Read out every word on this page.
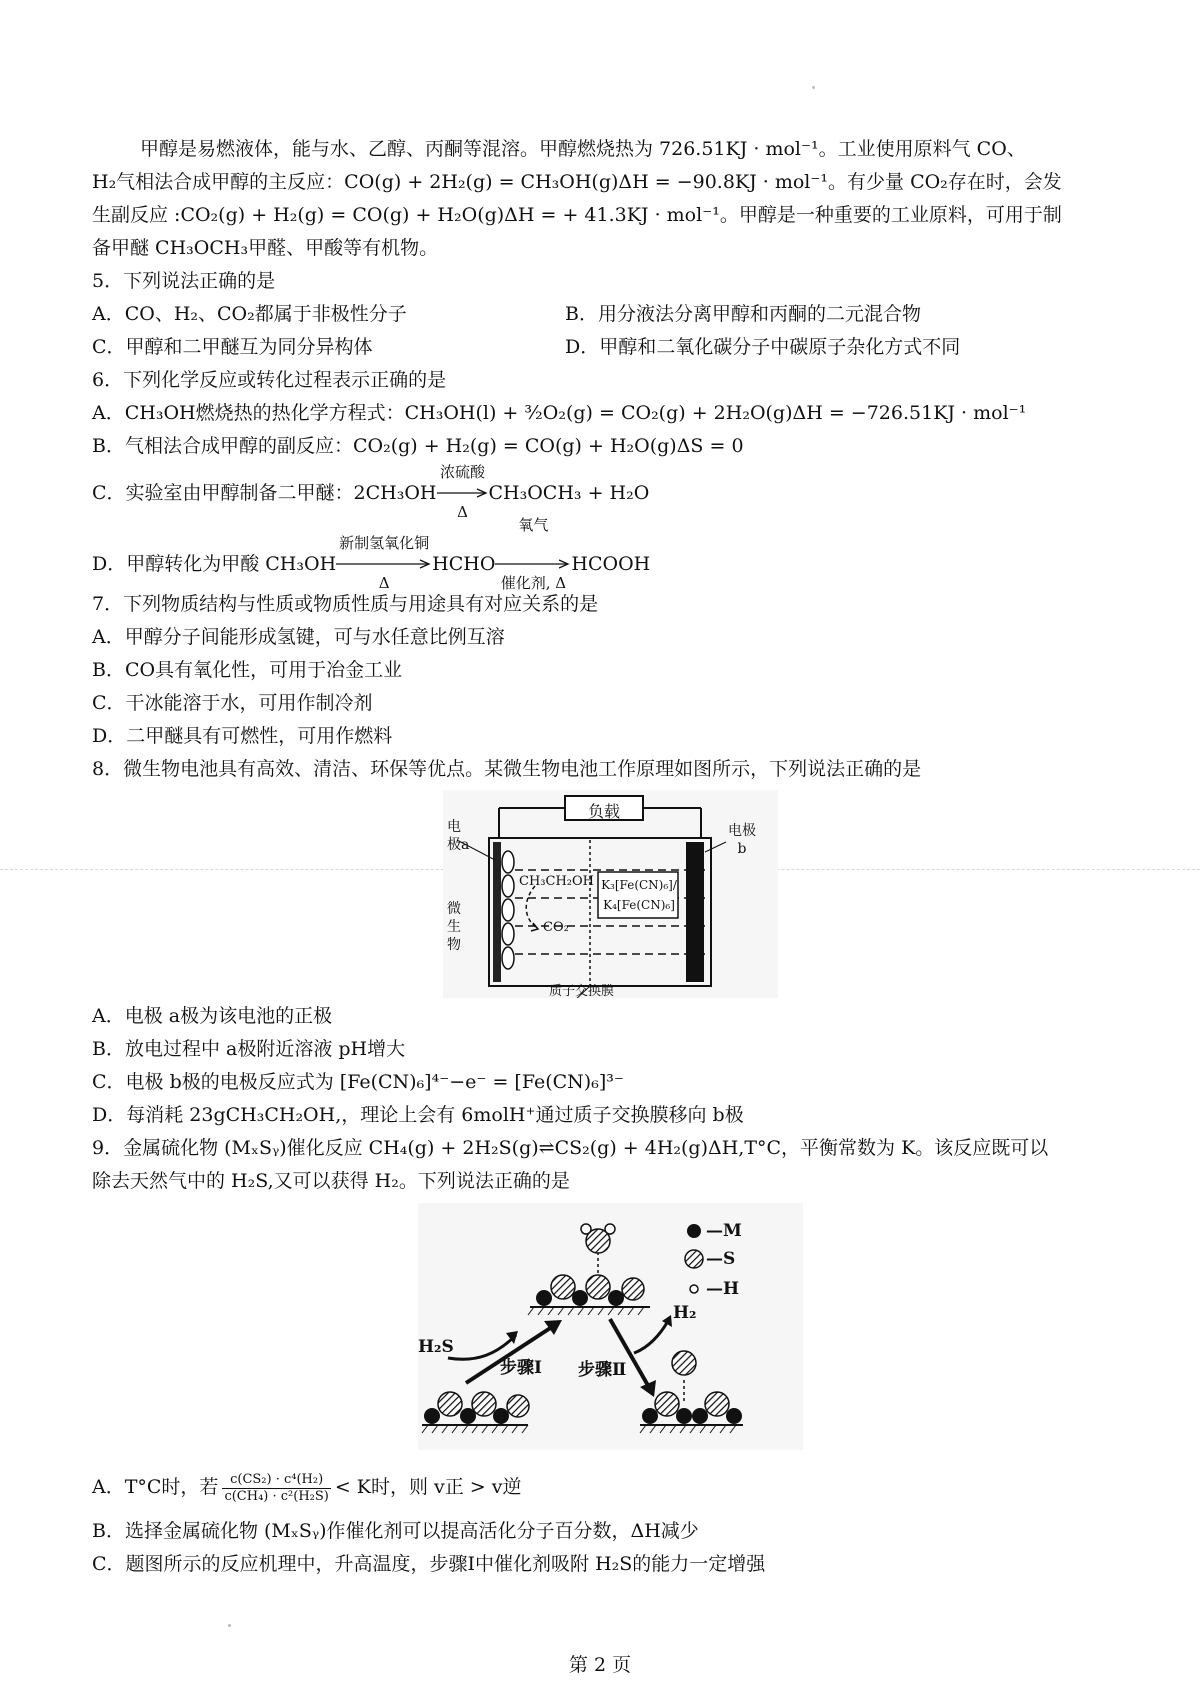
甲醇是易燃液体，能与水、乙醇、丙酮等混溶。甲醇燃烧热为 726.51KJ · mol⁻¹。工业使用原料气 CO、
H₂气相法合成甲醇的主反应：CO(g) + 2H₂(g) = CH₃OH(g)ΔH = −90.8KJ · mol⁻¹。有少量 CO₂存在时，会发
生副反应 :CO₂(g) + H₂(g) = CO(g) + H₂O(g)ΔH = + 41.3KJ · mol⁻¹。甲醇是一种重要的工业原料，可用于制
备甲醚 CH₃OCH₃甲醛、甲酸等有机物。
5．下列说法正确的是
A．CO、H₂、CO₂都属于非极性分子	B．用分液法分离甲醇和丙酮的二元混合物
C．甲醇和二甲醚互为同分异构体	D．甲醇和二氧化碳分子中碳原子杂化方式不同
6．下列化学反应或转化过程表示正确的是
A．CH₃OH燃烧热的热化学方程式：CH₃OH(l) + ³⁄₂O₂(g) = CO₂(g) + 2H₂O(g)ΔH = −726.51KJ · mol⁻¹
B．气相法合成甲醇的副反应：CO₂(g) + H₂(g) = CO(g) + H₂O(g)ΔS = 0
C．实验室由甲醇制备二甲醚：2CH₃OH
浓硫酸
Δ
CH₃OCH₃ + H₂O
D．甲醇转化为甲酸 CH₃OH
新制氢氧化铜
Δ
HCHO
氧气
催化剂, Δ
HCOOH
7．下列物质结构与性质或物质性质与用途具有对应关系的是
A．甲醇分子间能形成氢键，可与水任意比例互溶
B．CO具有氧化性，可用于冶金工业
C．干冰能溶于水，可用作制冷剂
D．二甲醚具有可燃性，可用作燃料
8．微生物电池具有高效、清洁、环保等优点。某微生物电池工作原理如图所示，下列说法正确的是
负载
电
极a
微
生
物
电极
b
CH₃CH₂OH
CO₂
K₃[Fe(CN)₆]/
K₄[Fe(CN)₆]
质子交换膜
A．电极 a极为该电池的正极
B．放电过程中 a极附近溶液 pH增大
C．电极 b极的电极反应式为 [Fe(CN)₆]⁴⁻−e⁻ = [Fe(CN)₆]³⁻
D．每消耗 23gCH₃CH₂OH,，理论上会有 6molH⁺通过质子交换膜移向 b极
9．金属硫化物 (MₓSᵧ)催化反应 CH₄(g) + 2H₂S(g)⇌CS₂(g) + 4H₂(g)ΔH,T°C，平衡常数为 K。该反应既可以
除去天然气中的 H₂S,又可以获得 H₂。下列说法正确的是
—M
—S
—H
H₂S
H₂
步骤Ⅰ 步骤Ⅱ
A．T°C时，若 $\frac{\text{c(CS₂) · c⁴(H₂)}}{\text{c(CH₄) · c²(H₂S)}} < K$时，则 v正 > v逆
B．选择金属硫化物 (MₓSᵧ)作催化剂可以提高活化分子百分数，ΔH减少
C．题图所示的反应机理中，升高温度，步骤Ⅰ中催化剂吸附 H₂S的能力一定增强
第 2 页
